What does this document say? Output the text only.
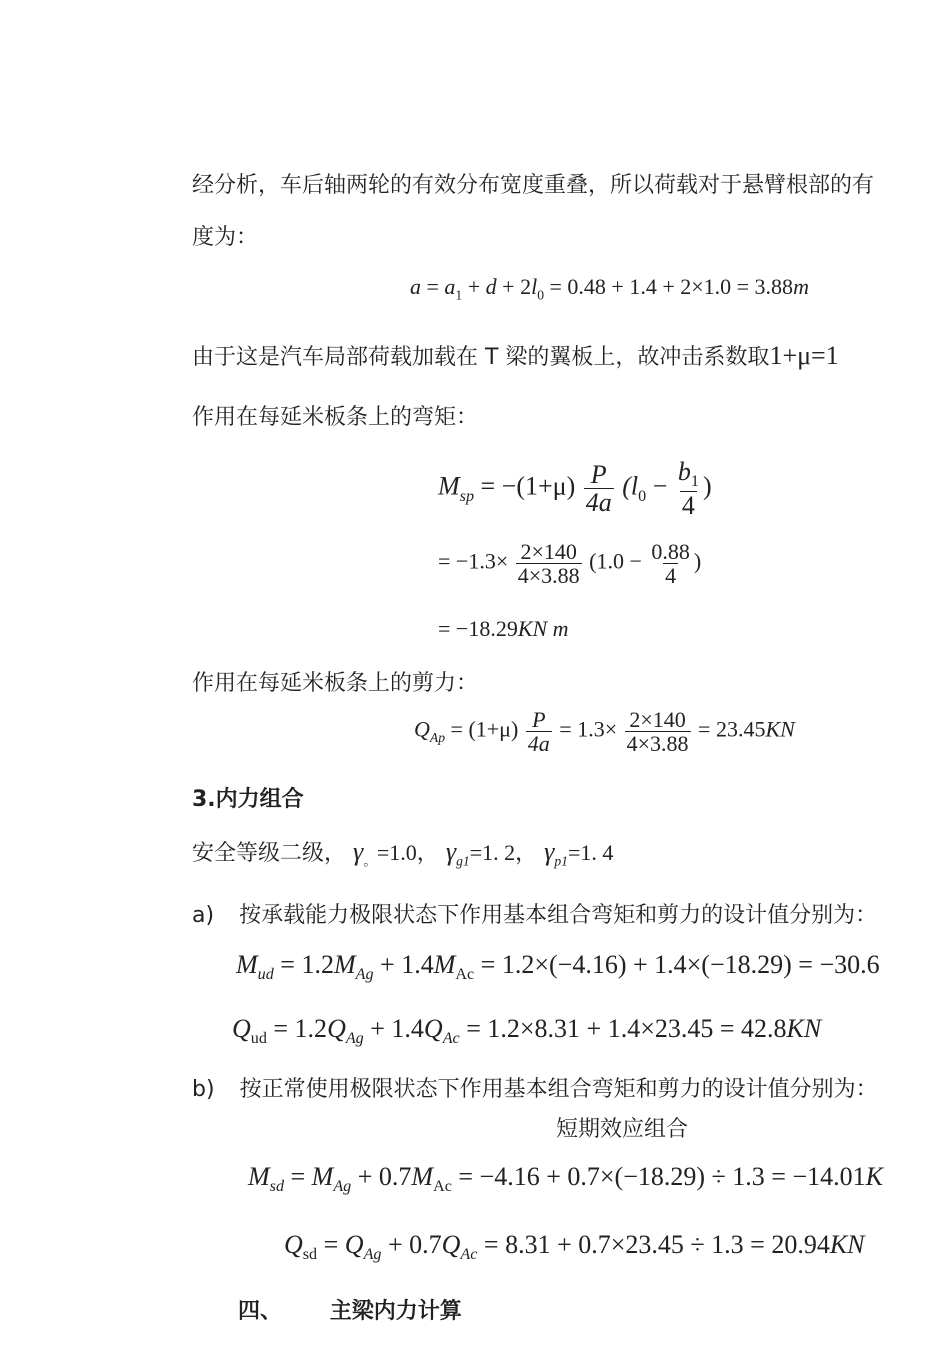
经分析，车后轴两轮的有效分布宽度重叠，所以荷载对于悬臂根部的有
度为：
$a = a_1 + d + 2l_0 = 0.48 + 1.4 + 2\times 1.0 = 3.88m$
由于这是汽车局部荷载加载在 T 梁的翼板上，故冲击系数取1+μ=1
作用在每延米板条上的弯矩：
$M_{sp} = -(1+\mu) \frac{P}{4a} (l_0 - \frac{b_1}{4}$ )
= $-1.3\times \frac{2\times 140}{4\times 3.88} (1.0 - \frac{0.88}{4}$ )
= −18.29KN m
作用在每延米板条上的剪力：
$Q_{Ap} = (1+\mu) \frac{P}{4a} = 1.3\times \frac{2\times 140}{4\times 3.88} = 23.45KN$
3.内力组合
安全等级二级， $\gamma_。=1.0$， $\gamma_{g1}=1$. 2， $\gamma_{p1}=1$. 4
a) 按承载能力极限状态下作用基本组合弯矩和剪力的设计值分别为：
$M_{ud} = 1.2M_{Ag} + 1.4M_{Ac} = 1.2\times(-4.16) + 1.4\times(-18.29) = -30.6$
$Q_{ud} = 1.2Q_{Ag} + 1.4Q_{Ac} = 1.2\times 8.31 + 1.4\times 23.45 = 42.8KN$
b) 按正常使用极限状态下作用基本组合弯矩和剪力的设计值分别为：
短期效应组合
$M_{sd} = M_{Ag} + 0.7M_{Ac} = -4.16 + 0.7\times(-18.29) \div 1.3 = -14.01K$
$Q_{sd} = Q_{Ag} + 0.7Q_{Ac} = 8.31 + 0.7\times 23.45 \div 1.3 = 20.94KN$
四、 主梁内力计算
